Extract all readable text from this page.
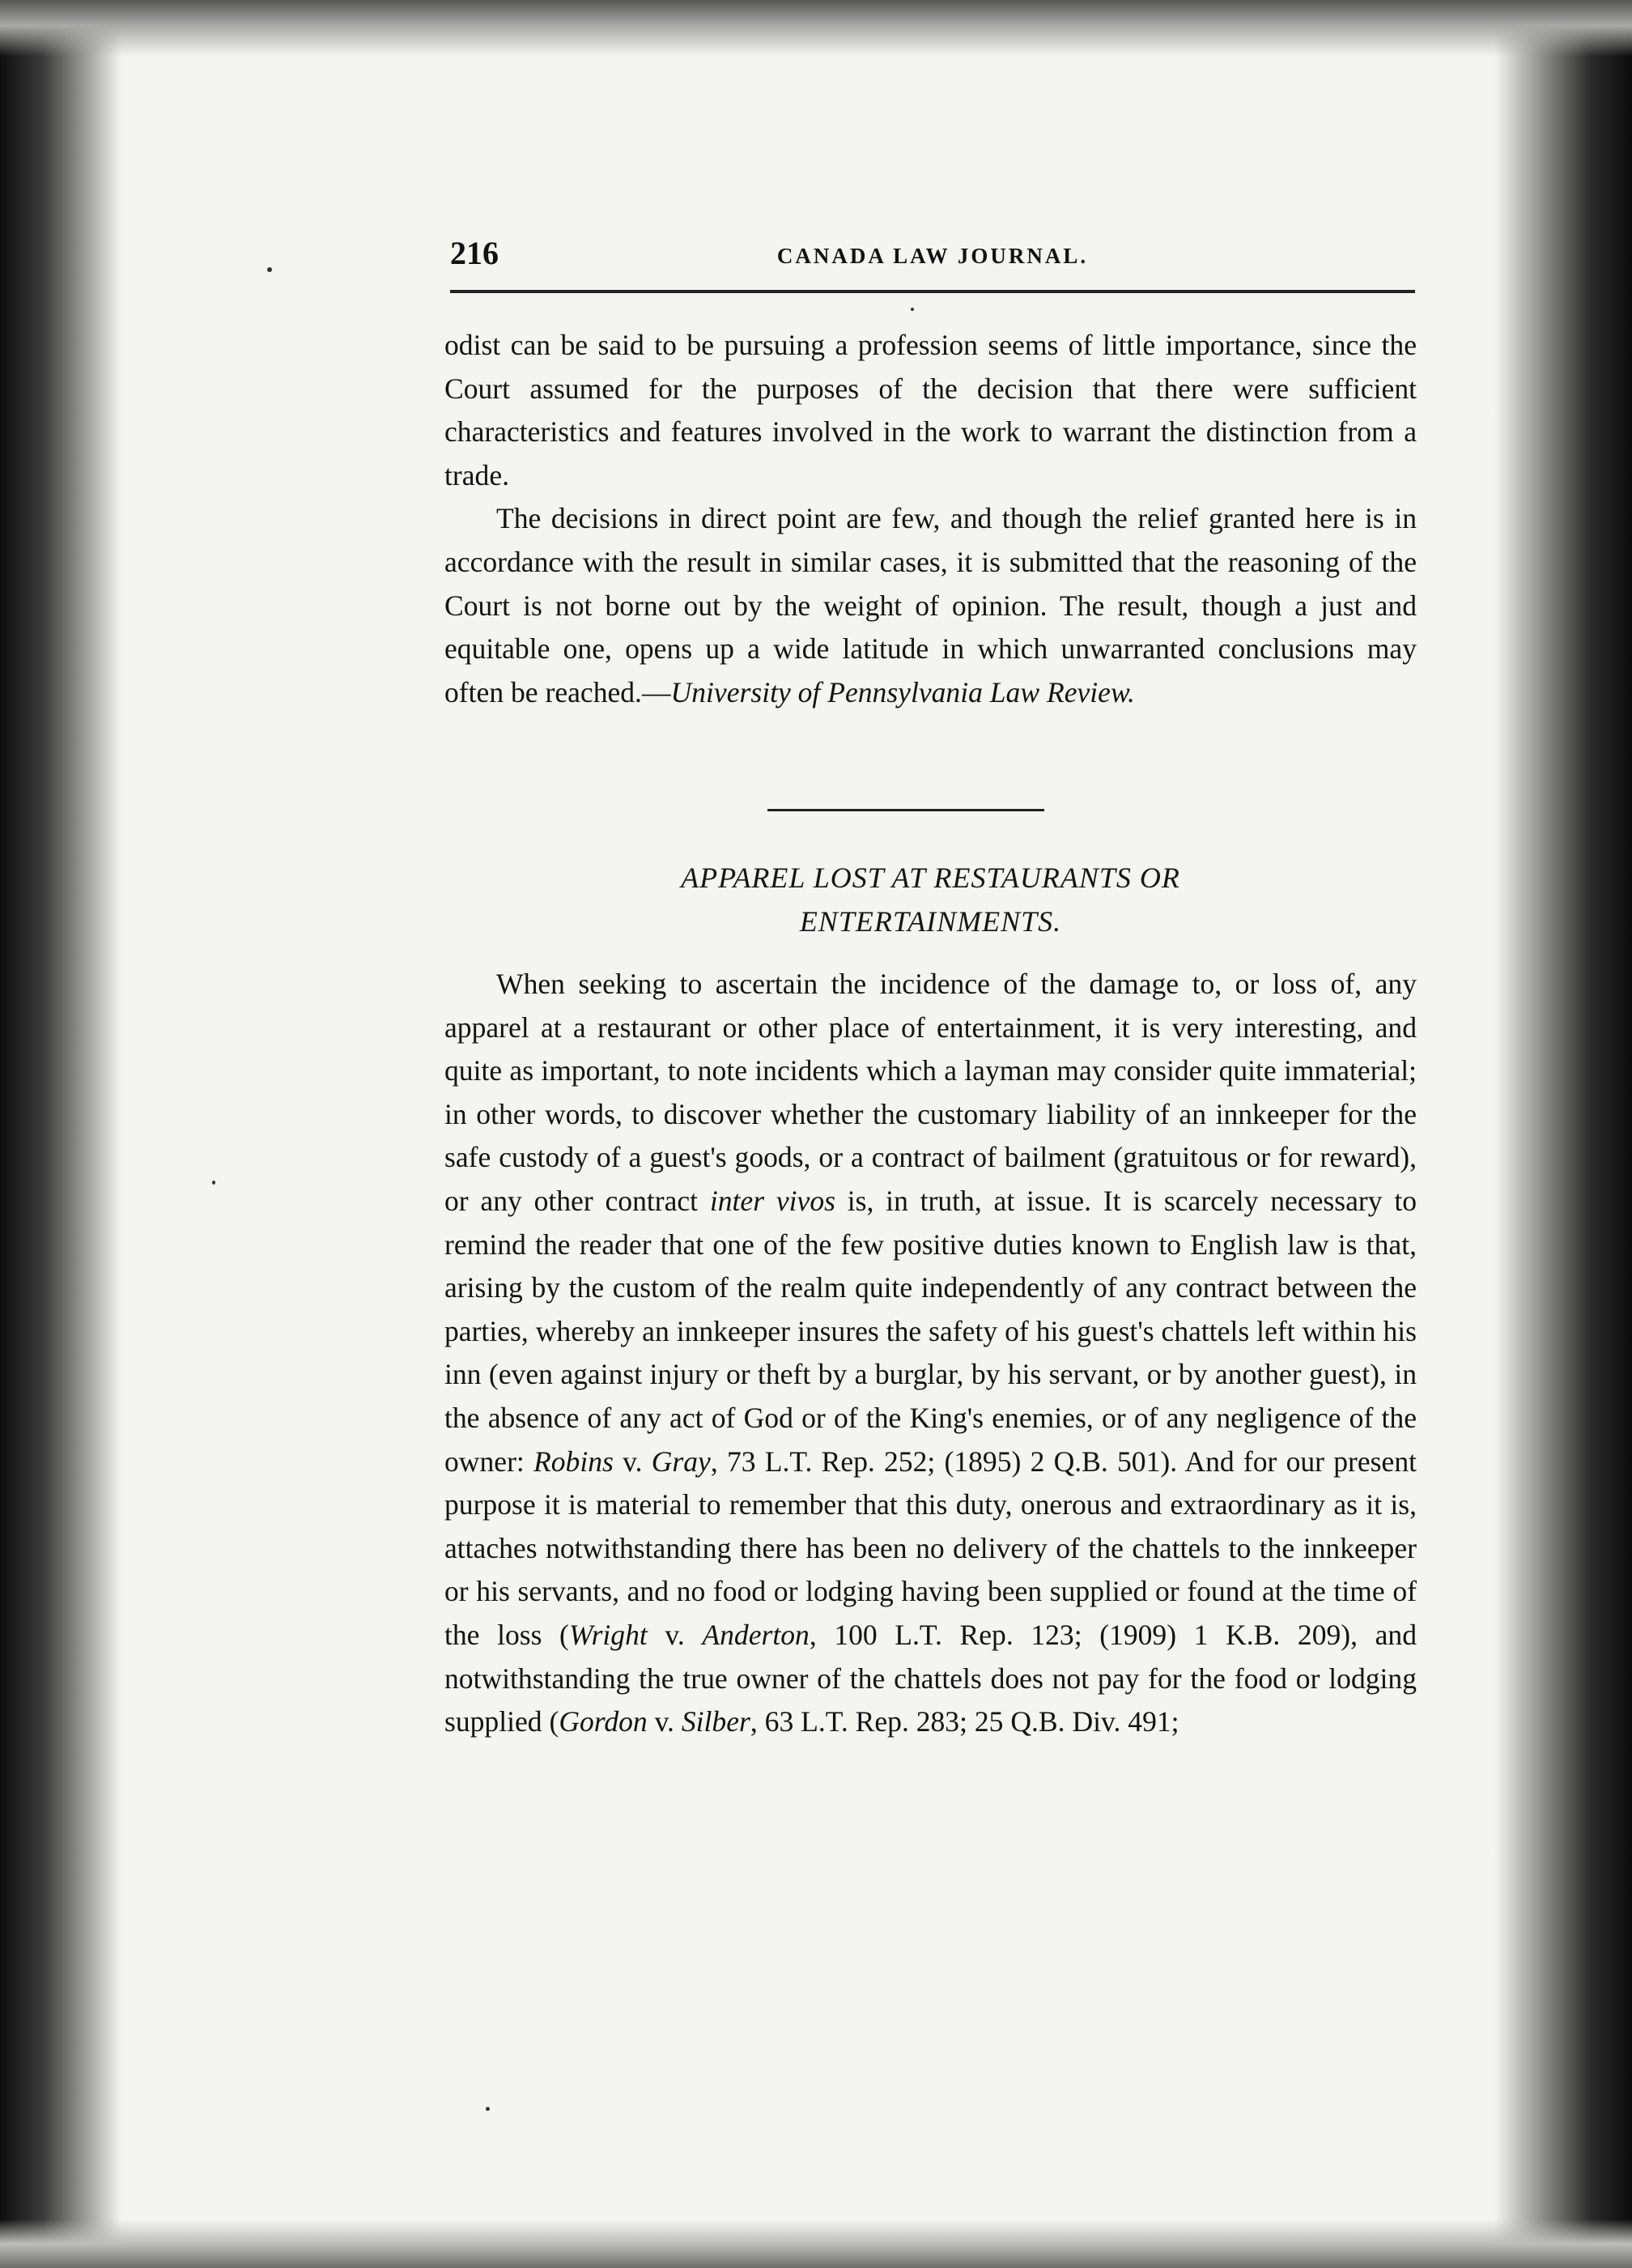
216	CANADA LAW JOURNAL.

odist can be said to be pursuing a profession seems of little importance, since the Court assumed for the purposes of the decision that there were sufficient characteristics and features involved in the work to warrant the distinction from a trade.

The decisions in direct point are few, and though the relief granted here is in accordance with the result in similar cases, it is submitted that the reasoning of the Court is not borne out by the weight of opinion. The result, though a just and equitable one, opens up a wide latitude in which unwarranted conclusions may often be reached.—University of Pennsylvania Law Review.

APPAREL LOST AT RESTAURANTS OR
ENTERTAINMENTS.

When seeking to ascertain the incidence of the damage to, or loss of, any apparel at a restaurant or other place of entertainment, it is very interesting, and quite as important, to note incidents which a layman may consider quite immaterial; in other words, to discover whether the customary liability of an innkeeper for the safe custody of a guest's goods, or a contract of bailment (gratuitous or for reward), or any other contract inter vivos is, in truth, at issue. It is scarcely necessary to remind the reader that one of the few positive duties known to English law is that, arising by the custom of the realm quite independently of any contract between the parties, whereby an innkeeper insures the safety of his guest's chattels left within his inn (even against injury or theft by a burglar, by his servant, or by another guest), in the absence of any act of God or of the King's enemies, or of any negligence of the owner: Robins v. Gray, 73 L.T. Rep. 252; (1895) 2 Q.B. 501). And for our present purpose it is material to remember that this duty, onerous and extraordinary as it is, attaches notwithstanding there has been no delivery of the chattels to the innkeeper or his servants, and no food or lodging having been supplied or found at the time of the loss (Wright v. Anderton, 100 L.T. Rep. 123; (1909) 1 K.B. 209), and notwithstanding the true owner of the chattels does not pay for the food or lodging supplied (Gordon v. Silber, 63 L.T. Rep. 283; 25 Q.B. Div. 491;
